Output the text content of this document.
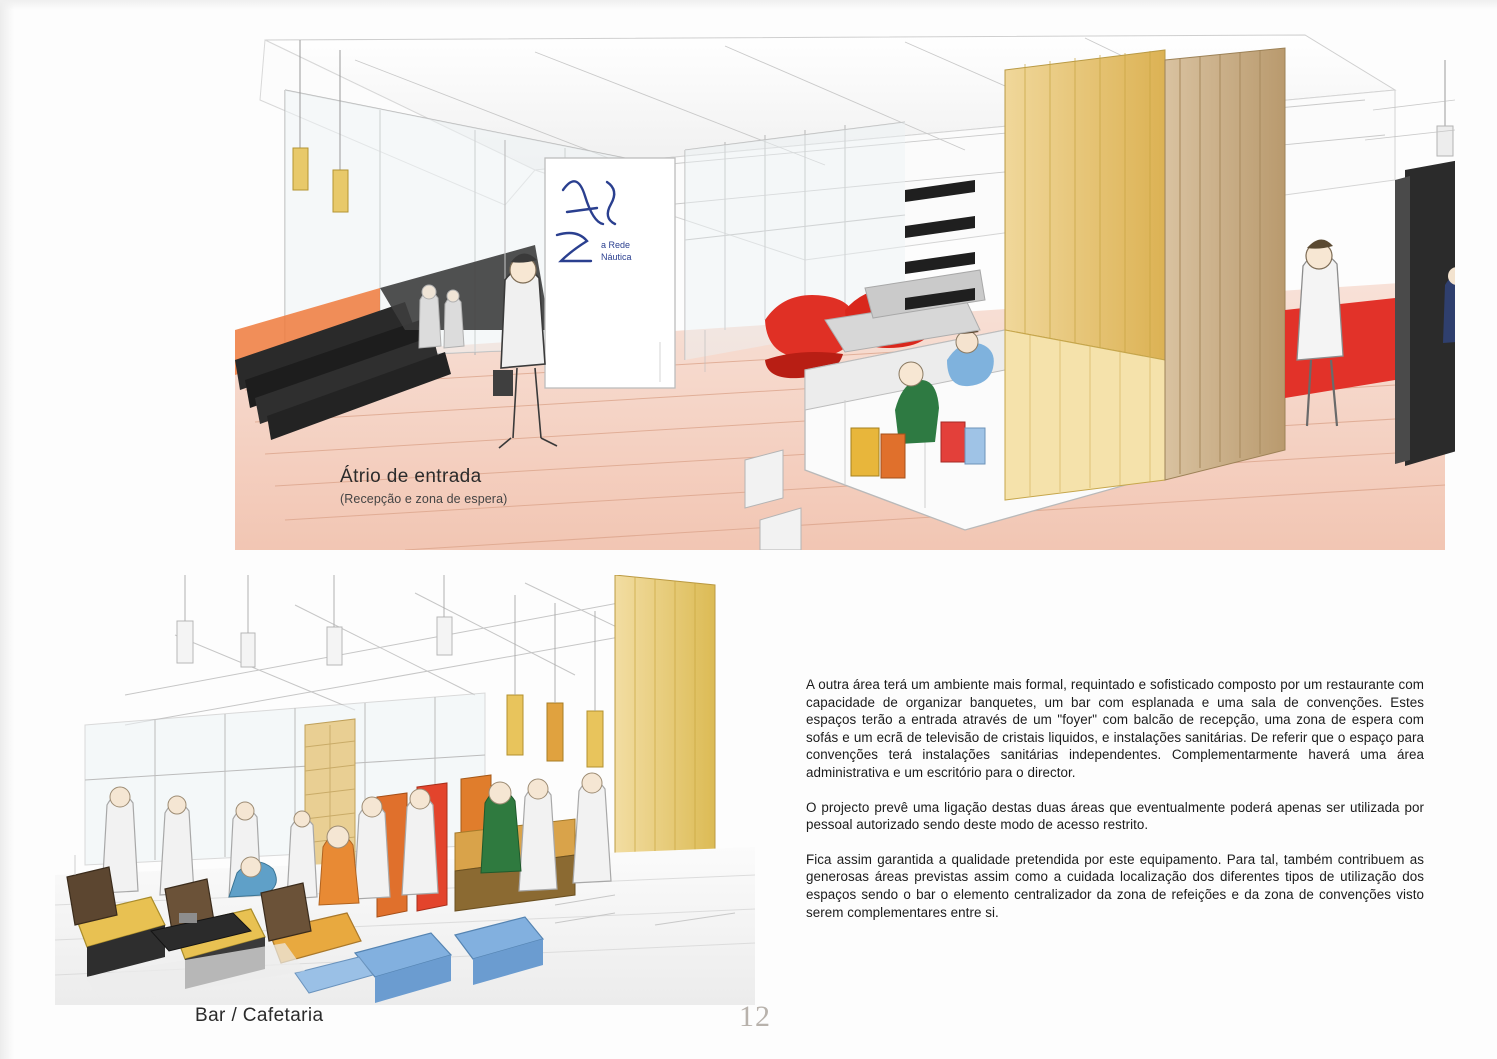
a Rede
Náutica
Átrio de entrada
(Recepção e zona de espera)
Bar / Cafetaria

A outra área terá um ambiente mais formal, requintado e sofisticado composto por um restaurante com capacidade de organizar banquetes, um bar com esplanada e uma sala de convenções. Estes espaços terão a entrada através de um "foyer" com balcão de recepção, uma zona de espera com sofás e um ecrã de televisão de cristais liquidos, e instalações sanitárias. De referir que o espaço para convenções terá instalações sanitárias independentes. Complementarmente haverá uma área administrativa e um escritório para o director.

O projecto prevê uma ligação destas duas áreas que eventualmente poderá apenas ser utilizada por pessoal autorizado sendo deste modo de acesso restrito.

Fica assim garantida a qualidade pretendida por este equipamento. Para tal, também contribuem as generosas áreas previstas assim como a cuidada localização dos diferentes tipos de utilização dos espaços sendo o bar o elemento centralizador da zona de refeições e da zona de convenções visto serem complementares entre si.

12
